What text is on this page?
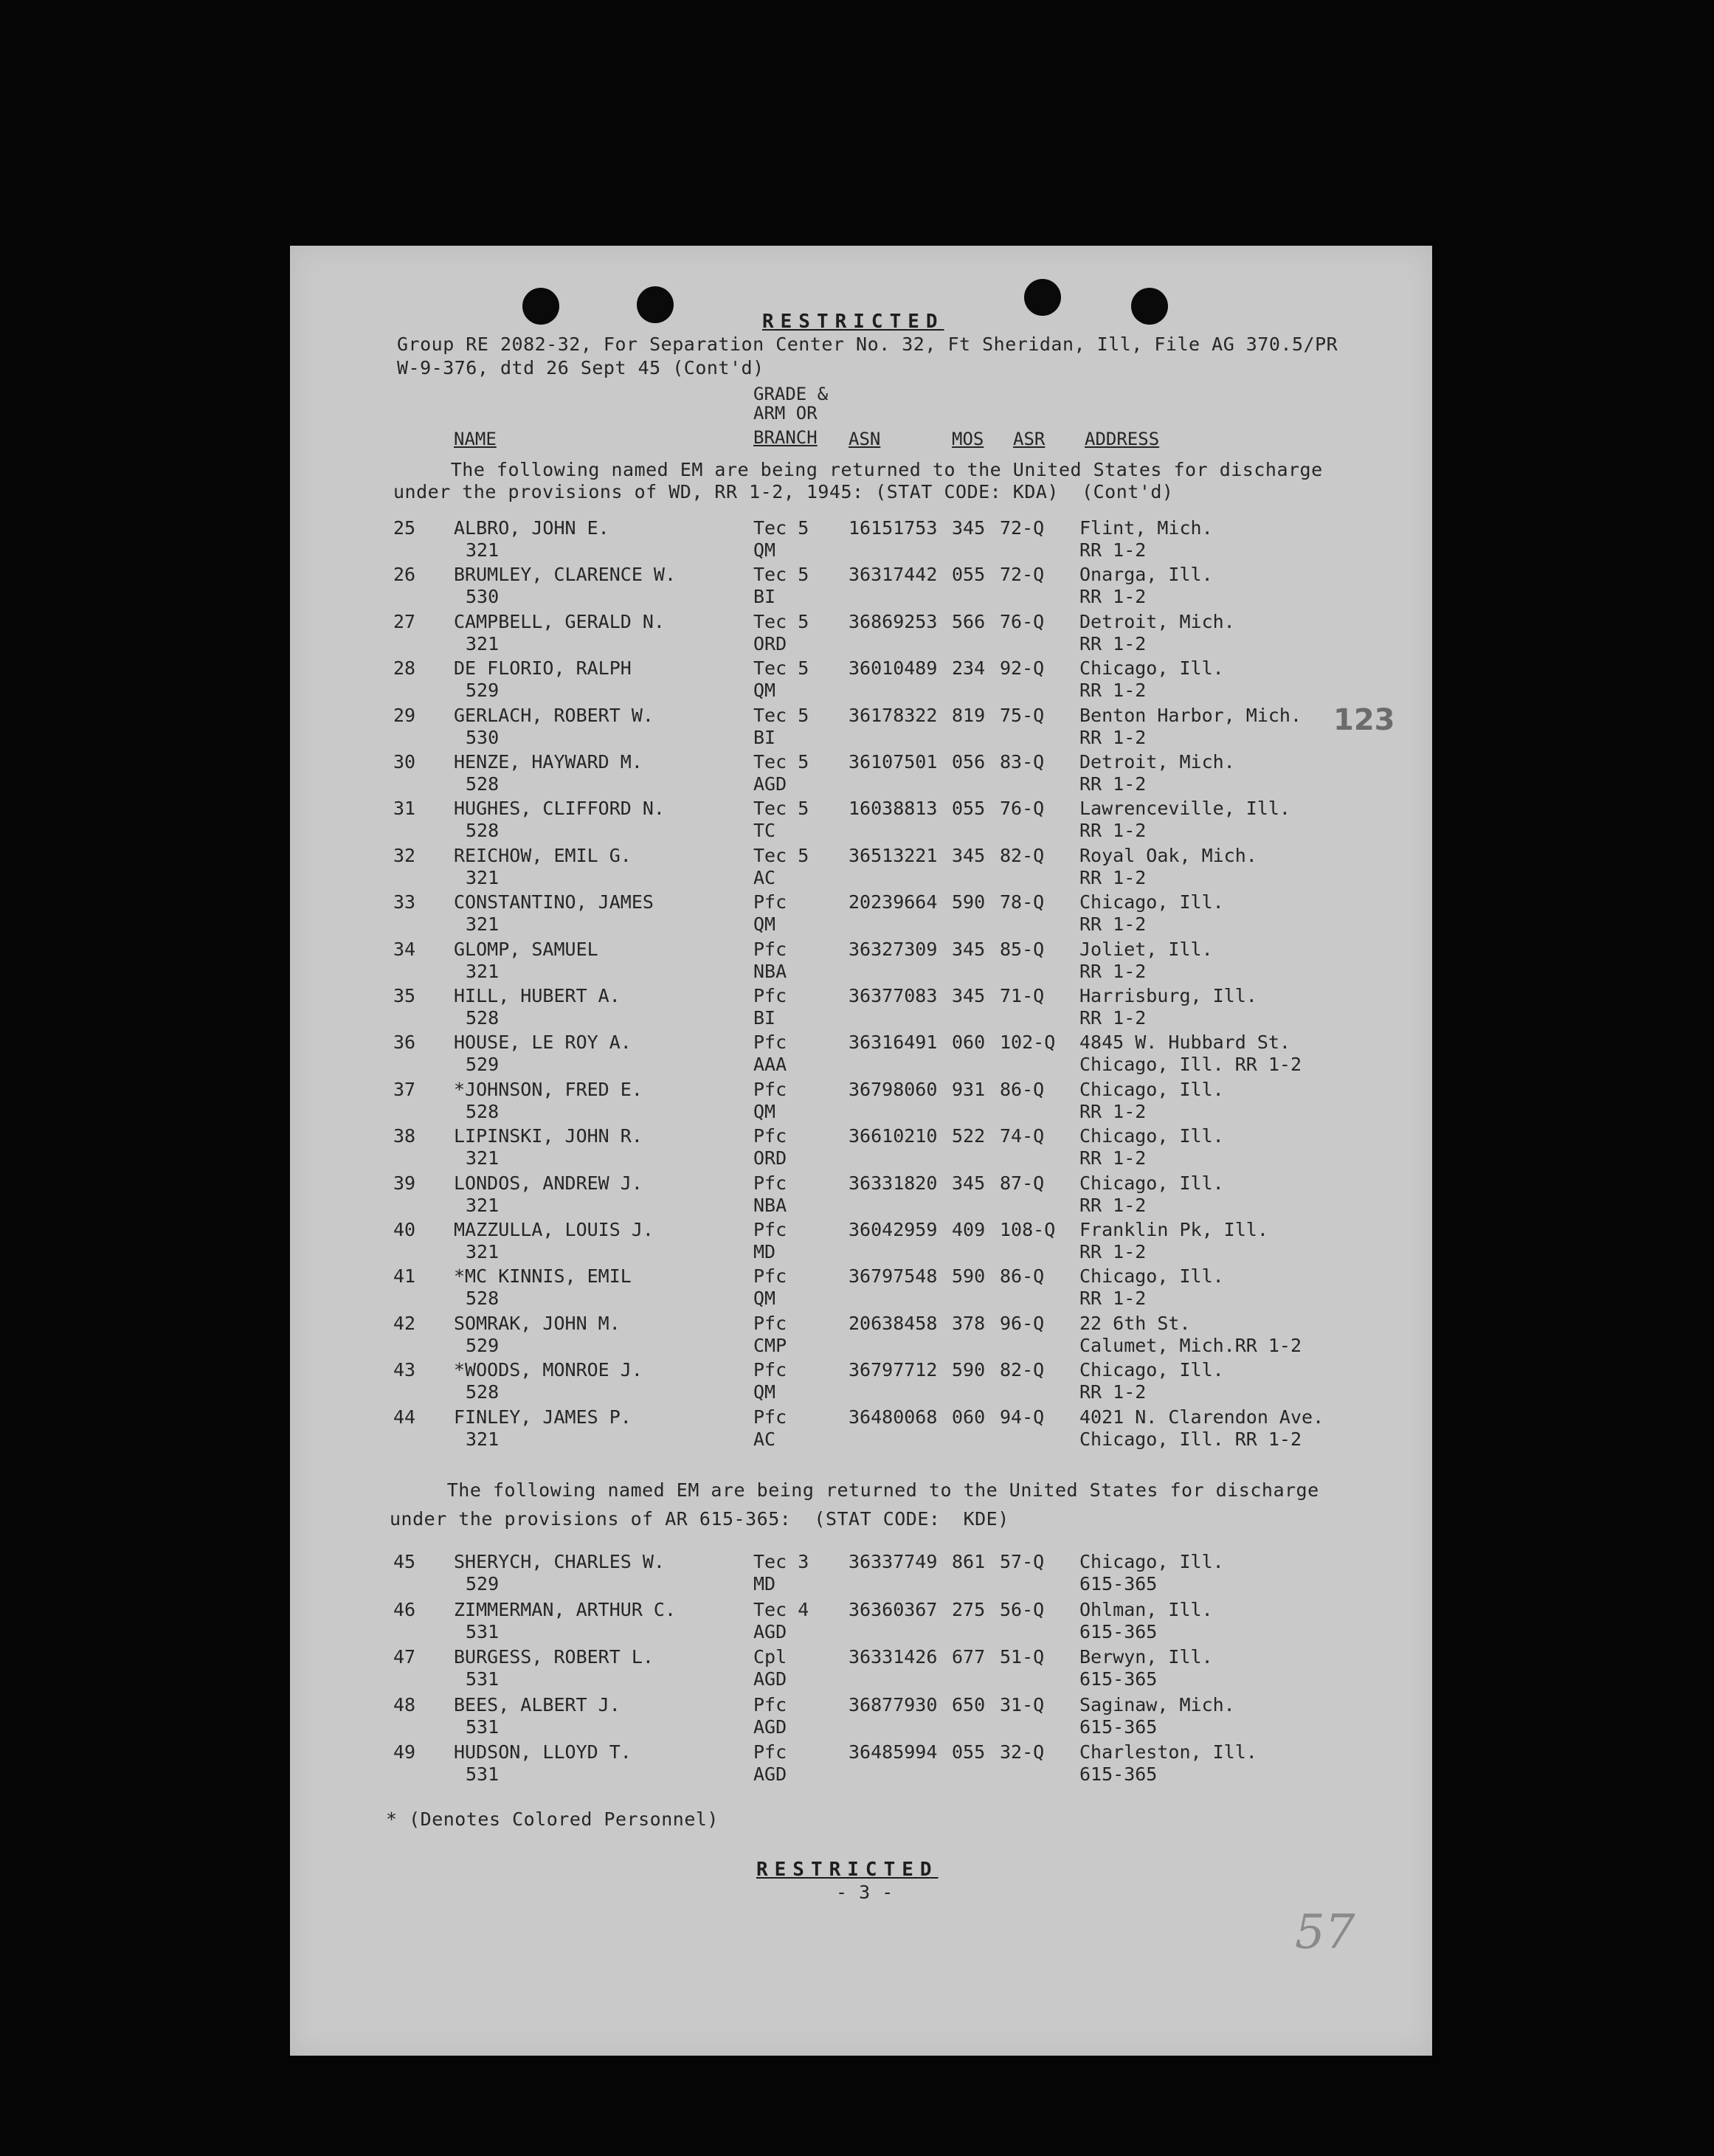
RESTRICTED
Group RE 2082-32, For Separation Center No. 32, Ft Sheridan, Ill, File AG 370.5/PR
W-9-376, dtd 26 Sept 45 (Cont'd)
GRADE &
ARM OR
NAME	BRANCH ASN	MOS ASR ADDRESS
The following named EM are being returned to the United States for discharge
under the provisions of WD, RR 1-2, 1945: (STAT CODE: KDA)  (Cont'd)
25 ALBRO, JOHN E.
321
Tec 5
QM
16151753 345 72-Q Flint, Mich.
RR 1-2
26 BRUMLEY, CLARENCE W.
530
Tec 5
BI
36317442 055 72-Q Onarga, Ill.
RR 1-2
27 CAMPBELL, GERALD N.
321
Tec 5
ORD
36869253 566 76-Q Detroit, Mich.
RR 1-2
28 DE FLORIO, RALPH
529
Tec 5
QM
36010489 234 92-Q Chicago, Ill.
RR 1-2
29 GERLACH, ROBERT W.
530
Tec 5
BI
36178322 819 75-Q Benton Harbor, Mich.
RR 1-2
30 HENZE, HAYWARD M.
528
Tec 5
AGD
36107501 056 83-Q Detroit, Mich.
RR 1-2
31 HUGHES, CLIFFORD N.
528
Tec 5
TC
16038813 055 76-Q Lawrenceville, Ill.
RR 1-2
32 REICHOW, EMIL G.
321
Tec 5
AC
36513221 345 82-Q Royal Oak, Mich.
RR 1-2
33 CONSTANTINO, JAMES
321
Pfc
QM
20239664 590 78-Q Chicago, Ill.
RR 1-2
34 GLOMP, SAMUEL
321
Pfc
NBA
36327309 345 85-Q Joliet, Ill.
RR 1-2
35 HILL, HUBERT A.
528
Pfc
BI
36377083 345 71-Q Harrisburg, Ill.
RR 1-2
36 HOUSE, LE ROY A.
529
Pfc
AAA
36316491 060 102-Q 4845 W. Hubbard St.
Chicago, Ill. RR 1-2
37 *JOHNSON, FRED E.
528
Pfc
QM
36798060 931 86-Q Chicago, Ill.
RR 1-2
38 LIPINSKI, JOHN R.
321
Pfc
ORD
36610210 522 74-Q Chicago, Ill.
RR 1-2
39 LONDOS, ANDREW J.
321
Pfc
NBA
36331820 345 87-Q Chicago, Ill.
RR 1-2
40 MAZZULLA, LOUIS J.
321
Pfc
MD
36042959 409 108-Q Franklin Pk, Ill.
RR 1-2
41 *MC KINNIS, EMIL
528
Pfc
QM
36797548 590 86-Q Chicago, Ill.
RR 1-2
42 SOMRAK, JOHN M.
529
Pfc
CMP
20638458 378 96-Q 22 6th St.
Calumet, Mich.RR 1-2
43 *WOODS, MONROE J.
528
Pfc
QM
36797712 590 82-Q Chicago, Ill.
RR 1-2
44 FINLEY, JAMES P.
321
Pfc
AC
36480068 060 94-Q 4021 N. Clarendon Ave.
Chicago, Ill. RR 1-2
The following named EM are being returned to the United States for discharge
under the provisions of AR 615-365:  (STAT CODE:  KDE)
45 SHERYCH, CHARLES W.
529
Tec 3
MD
36337749 861 57-Q Chicago, Ill.
615-365
46 ZIMMERMAN, ARTHUR C.
531
Tec 4
AGD
36360367 275 56-Q Ohlman, Ill.
615-365
47 BURGESS, ROBERT L.
531
Cpl
AGD
36331426 677 51-Q Berwyn, Ill.
615-365
48 BEES, ALBERT J.
531
Pfc
AGD
36877930 650 31-Q Saginaw, Mich.
615-365
49 HUDSON, LLOYD T.
531
Pfc
AGD
36485994 055 32-Q Charleston, Ill.
615-365
* (Denotes Colored Personnel)
RESTRICTED
- 3 -
123
57
